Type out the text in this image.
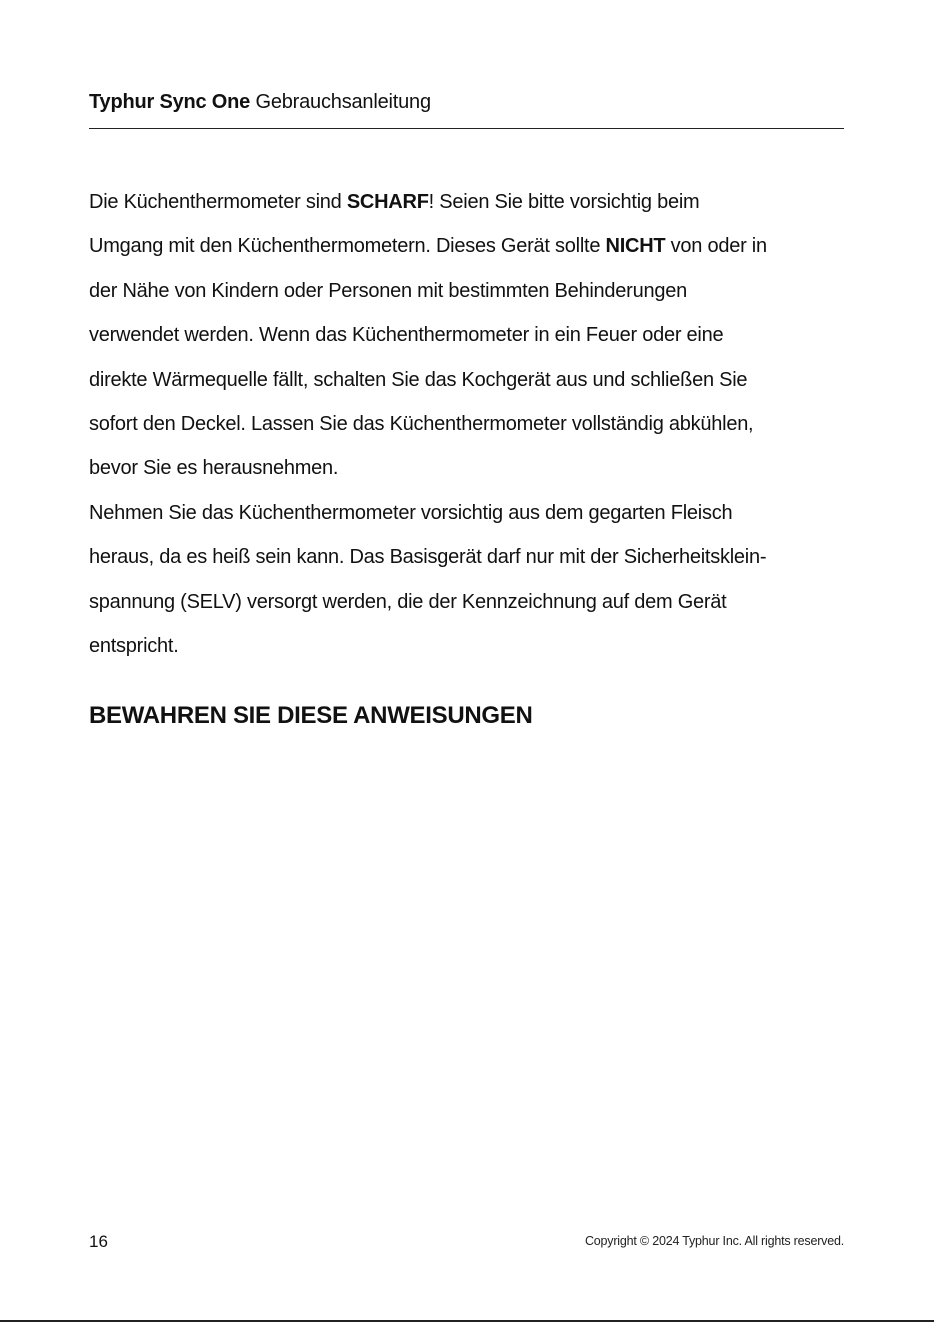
Typhur Sync One Gebrauchsanleitung
Die Küchenthermometer sind SCHARF! Seien Sie bitte vorsichtig beim
Umgang mit den Küchenthermometern. Dieses Gerät sollte NICHT von oder in
der Nähe von Kindern oder Personen mit bestimmten Behinderungen
verwendet werden. Wenn das Küchenthermometer in ein Feuer oder eine
direkte Wärmequelle fällt, schalten Sie das Kochgerät aus und schließen Sie
sofort den Deckel. Lassen Sie das Küchenthermometer vollständig abkühlen,
bevor Sie es herausnehmen.
Nehmen Sie das Küchenthermometer vorsichtig aus dem gegarten Fleisch
heraus, da es heiß sein kann. Das Basisgerät darf nur mit der Sicherheitsklein-
spannung (SELV) versorgt werden, die der Kennzeichnung auf dem Gerät
entspricht.
BEWAHREN SIE DIESE ANWEISUNGEN
16	Copyright © 2024 Typhur Inc. All rights reserved.
